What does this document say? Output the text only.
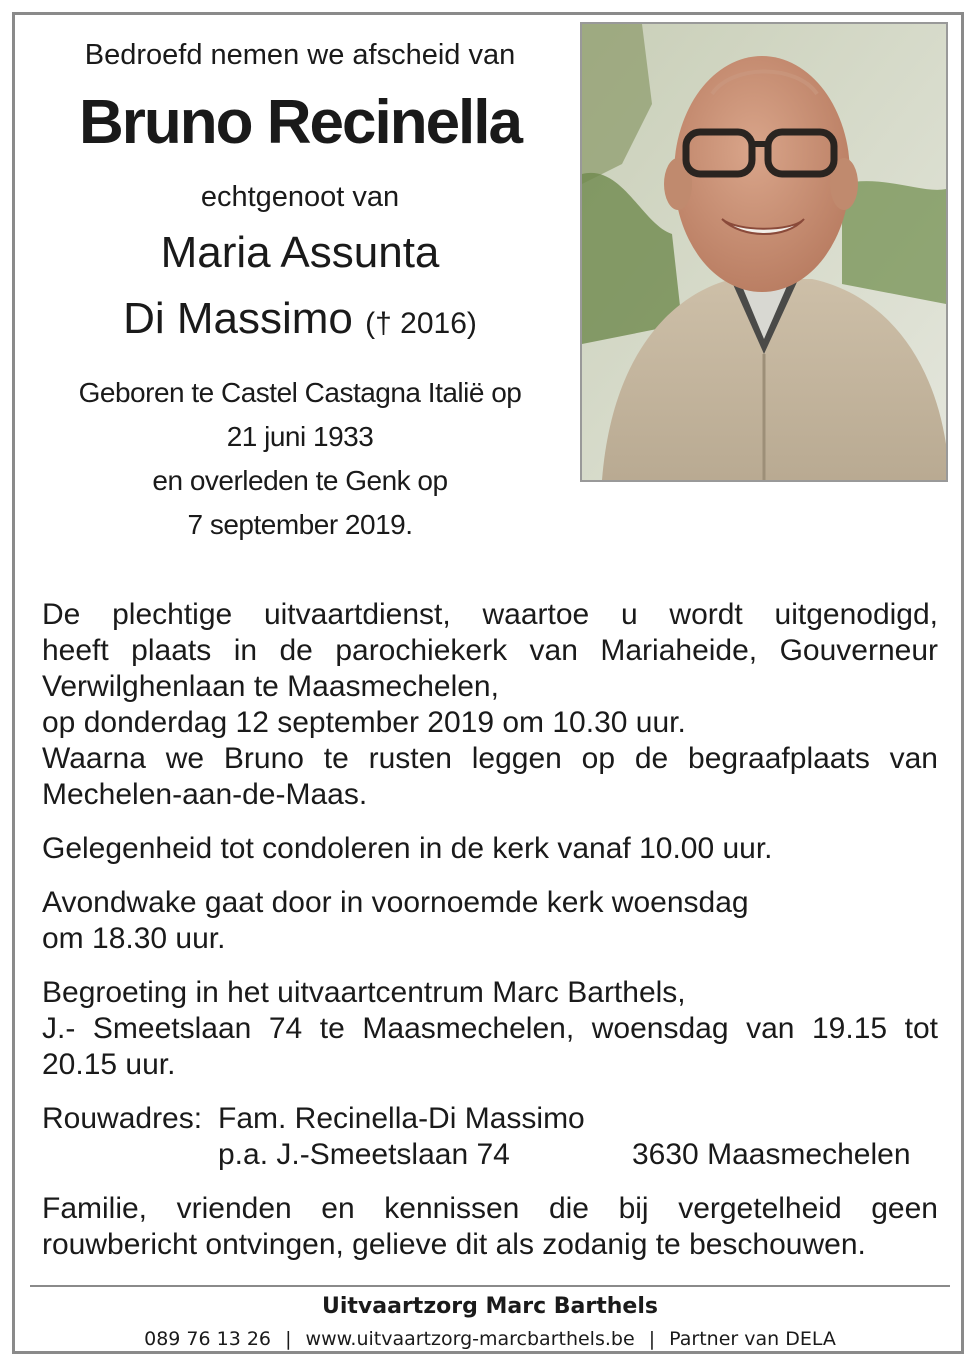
Bedroefd nemen we afscheid van
Bruno Recinella
echtgenoot van
Maria Assunta
Di Massimo († 2016)
Geboren te Castel Castagna Italië op
21 juni 1933
en overleden te Genk op
7 september 2019.

De plechtige uitvaartdienst, waartoe u wordt uitgenodigd,
heeft plaats in de parochiekerk van Mariaheide, Gouverneur
Verwilghenlaan te Maasmechelen,
op donderdag 12 september 2019 om 10.30 uur.
Waarna we Bruno te rusten leggen op de begraafplaats van
Mechelen-aan-de-Maas.

Gelegenheid tot condoleren in de kerk vanaf 10.00 uur.

Avondwake gaat door in voornoemde kerk woensdag
om 18.30 uur.

Begroeting in het uitvaartcentrum Marc Barthels,
J.- Smeetslaan 74 te Maasmechelen, woensdag van 19.15 tot
20.15 uur.

Rouwadres: Fam. Recinella-Di Massimo
p.a. J.-Smeetslaan 74	3630 Maasmechelen

Familie, vrienden en kennissen die bij vergetelheid geen
rouwbericht ontvingen, gelieve dit als zodanig te beschouwen.

Uitvaartzorg Marc Barthels
089 76 13 26 | www.uitvaartzorg-marcbarthels.be | Partner van DELA
